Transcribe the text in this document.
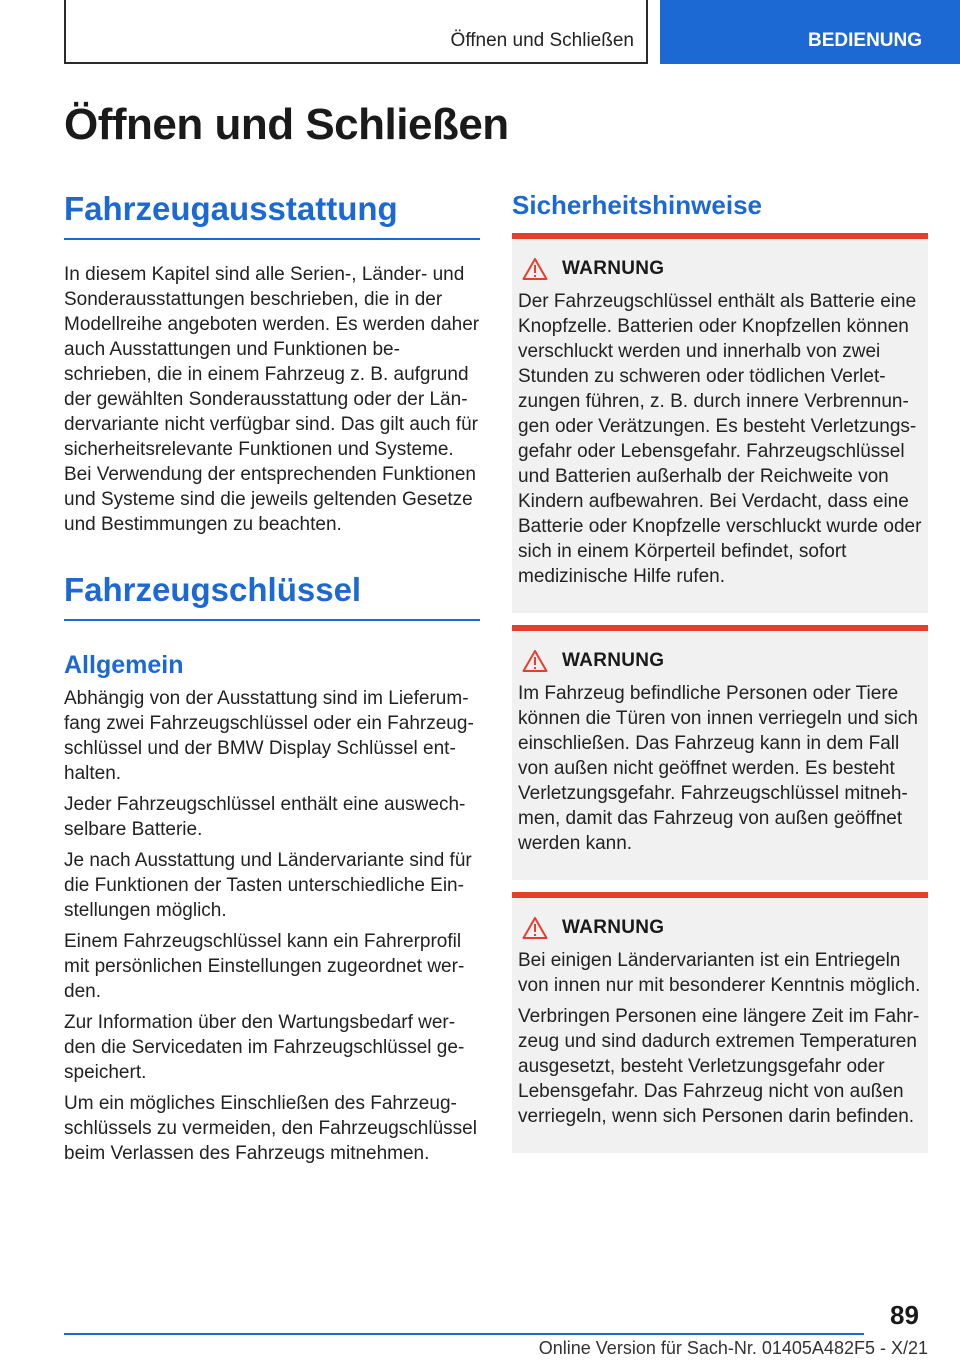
Öffnen und Schließen	BEDIENUNG
Öffnen und Schließen
Fahrzeugausstattung

In diesem Kapitel sind alle Serien-, Länder- und Sonderausstattungen beschrieben, die in der Modellreihe angeboten werden. Es werden daher auch Ausstattungen und Funktionen beschrieben, die in einem Fahrzeug z. B. aufgrund der gewählten Sonderausstattung oder der Ländervariante nicht verfügbar sind. Das gilt auch für sicherheitsrelevante Funktionen und Systeme. Bei Verwendung der entsprechenden Funktionen und Systeme sind die jeweils geltenden Gesetze und Bestimmungen zu beachten.

Fahrzeugschlüssel
Allgemein

Abhängig von der Ausstattung sind im Lieferumfang zwei Fahrzeugschlüssel oder ein Fahrzeugschlüssel und der BMW Display Schlüssel enthalten.

Jeder Fahrzeugschlüssel enthält eine auswechselbare Batterie.

Je nach Ausstattung und Ländervariante sind für die Funktionen der Tasten unterschiedliche Einstellungen möglich.

Einem Fahrzeugschlüssel kann ein Fahrerprofil mit persönlichen Einstellungen zugeordnet werden.

Zur Information über den Wartungsbedarf werden die Servicedaten im Fahrzeugschlüssel gespeichert.

Um ein mögliches Einschließen des Fahrzeugschlüssels zu vermeiden, den Fahrzeugschlüssel beim Verlassen des Fahrzeugs mitnehmen.

Sicherheitshinweise
WARNUNG

Der Fahrzeugschlüssel enthält als Batterie eine Knopfzelle. Batterien oder Knopfzellen können verschluckt werden und innerhalb von zwei Stunden zu schweren oder tödlichen Verletzungen führen, z. B. durch innere Verbrennungen oder Verätzungen. Es besteht Verletzungsgefahr oder Lebensgefahr. Fahrzeugschlüssel und Batterien außerhalb der Reichweite von Kindern aufbewahren. Bei Verdacht, dass eine Batterie oder Knopfzelle verschluckt wurde oder sich in einem Körperteil befindet, sofort medizinische Hilfe rufen.

WARNUNG

Im Fahrzeug befindliche Personen oder Tiere können die Türen von innen verriegeln und sich einschließen. Das Fahrzeug kann in dem Fall von außen nicht geöffnet werden. Es besteht Verletzungsgefahr. Fahrzeugschlüssel mitnehmen, damit das Fahrzeug von außen geöffnet werden kann.

WARNUNG

Bei einigen Ländervarianten ist ein Entriegeln von innen nur mit besonderer Kenntnis möglich.

Verbringen Personen eine längere Zeit im Fahrzeug und sind dadurch extremen Temperaturen ausgesetzt, besteht Verletzungsgefahr oder Lebensgefahr. Das Fahrzeug nicht von außen verriegeln, wenn sich Personen darin befinden.

89
Online Version für Sach-Nr. 01405A482F5 - X/21
